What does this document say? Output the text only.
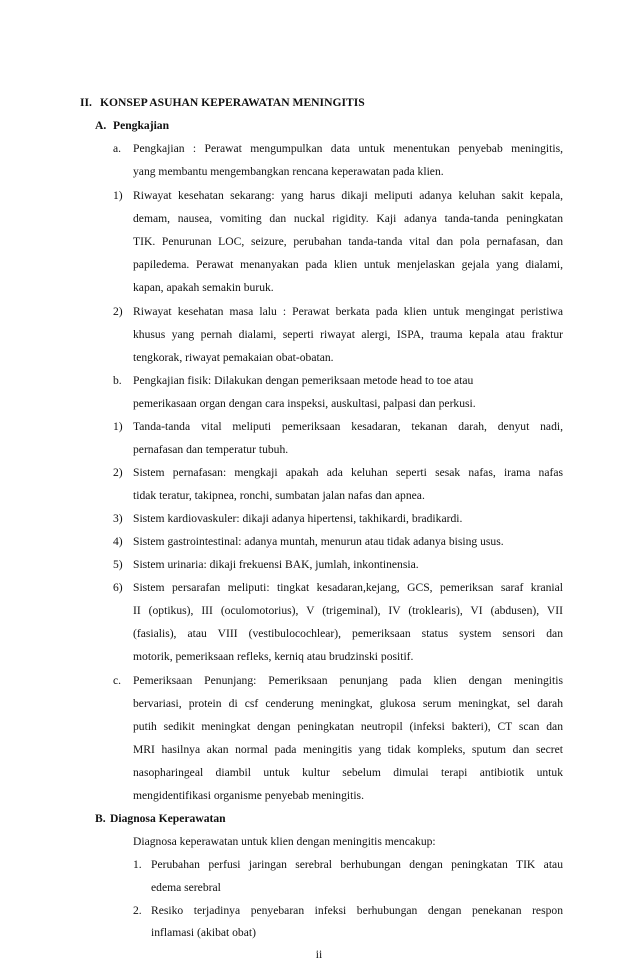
II. KONSEP ASUHAN KEPERAWATAN MENINGITIS
A. Pengkajian
a. Pengkajian : Perawat mengumpulkan data untuk menentukan penyebab meningitis,
yang membantu mengembangkan rencana keperawatan pada klien.
1) Riwayat kesehatan sekarang: yang harus dikaji meliputi adanya keluhan sakit kepala,
demam, nausea, vomiting dan nuckal rigidity. Kaji adanya tanda-tanda peningkatan
TIK. Penurunan LOC, seizure, perubahan tanda-tanda vital dan pola pernafasan, dan
papiledema. Perawat menanyakan pada klien untuk menjelaskan gejala yang dialami,
kapan, apakah semakin buruk.
2) Riwayat kesehatan masa lalu : Perawat berkata pada klien untuk mengingat peristiwa
khusus yang pernah dialami, seperti riwayat alergi, ISPA, trauma kepala atau fraktur
tengkorak, riwayat pemakaian obat-obatan.
b. Pengkajian fisik: Dilakukan dengan pemeriksaan metode head to toe atau
pemerikasaan organ dengan cara inspeksi, auskultasi, palpasi dan perkusi.
1) Tanda-tanda vital meliputi pemeriksaan kesadaran, tekanan darah, denyut nadi,
pernafasan dan temperatur tubuh.
2) Sistem pernafasan: mengkaji apakah ada keluhan seperti sesak nafas, irama nafas
tidak teratur, takipnea, ronchi, sumbatan jalan nafas dan apnea.
3) Sistem kardiovaskuler: dikaji adanya hipertensi, takhikardi, bradikardi.
4) Sistem gastrointestinal: adanya muntah, menurun atau tidak adanya bising usus.
5) Sistem urinaria: dikaji frekuensi BAK, jumlah, inkontinensia.
6) Sistem persarafan meliputi: tingkat kesadaran,kejang, GCS, pemeriksan saraf kranial
II (optikus), III (oculomotorius), V (trigeminal), IV (troklearis), VI (abdusen), VII
(fasialis), atau VIII (vestibulocochlear), pemeriksaan status system sensori dan
motorik, pemeriksaan refleks, kerniq atau brudzinski positif.
c. Pemeriksaan Penunjang: Pemeriksaan penunjang pada klien dengan meningitis
bervariasi, protein di csf cenderung meningkat, glukosa serum meningkat, sel darah
putih sedikit meningkat dengan peningkatan neutropil (infeksi bakteri), CT scan dan
MRI hasilnya akan normal pada meningitis yang tidak kompleks, sputum dan secret
nasopharingeal diambil untuk kultur sebelum dimulai terapi antibiotik untuk
mengidentifikasi organisme penyebab meningitis.
B. Diagnosa Keperawatan
Diagnosa keperawatan untuk klien dengan meningitis mencakup:
1. Perubahan perfusi jaringan serebral berhubungan dengan peningkatan TIK atau
edema serebral
ii
2. Resiko terjadinya penyebaran infeksi berhubungan dengan penekanan respon
inflamasi (akibat obat)
